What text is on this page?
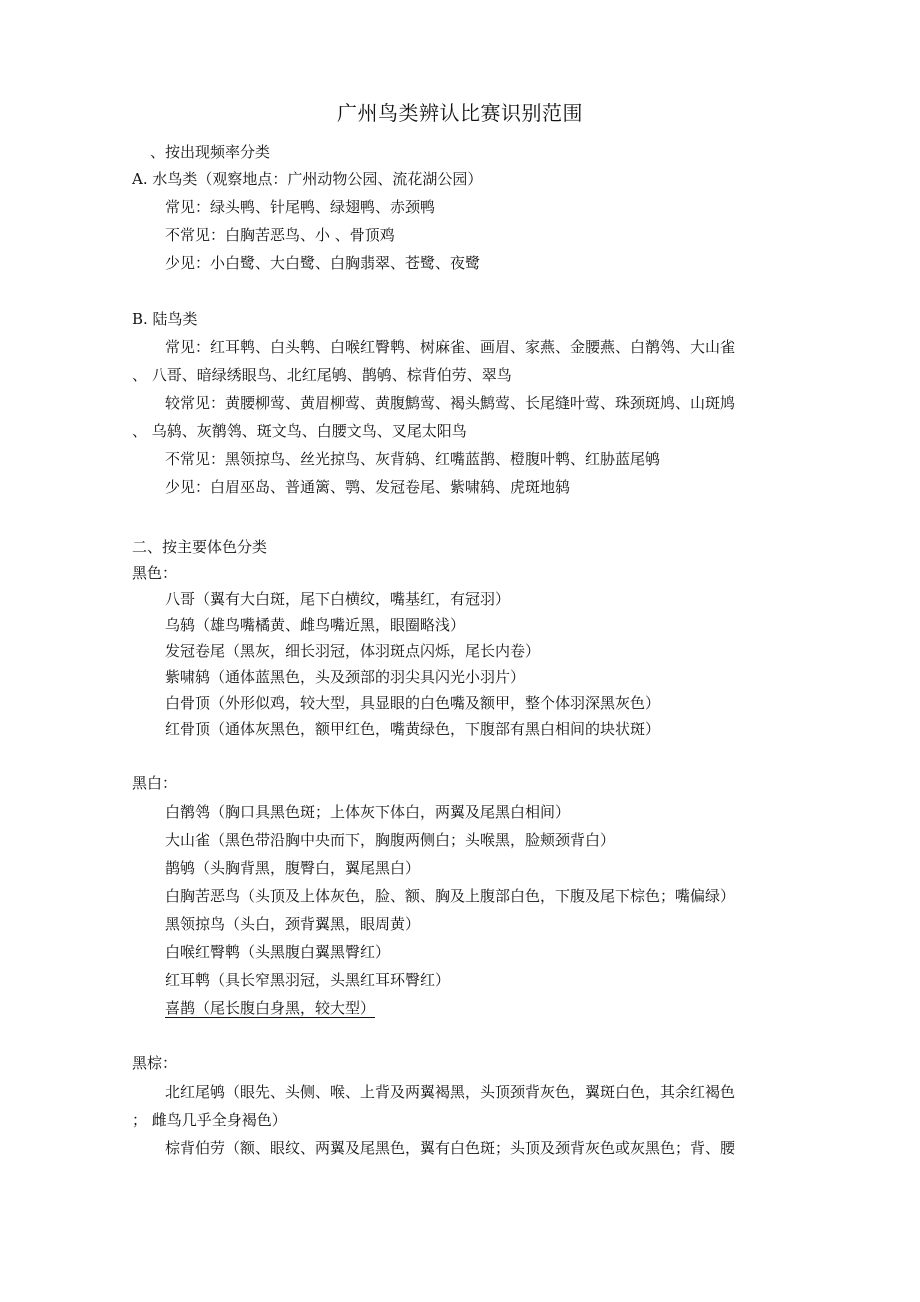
广州鸟类辨认比赛识别范围
、按出现频率分类
A. 水鸟类（观察地点：广州动物公园、流花湖公园）
常见：绿头鸭、针尾鸭、绿翅鸭、赤颈鸭
不常见：白胸苦恶鸟、小 、骨顶鸡
少见：小白鹭、大白鹭、白胸翡翠、苍鹭、夜鹭
B. 陆鸟类
常见：红耳鹎、白头鹎、白喉红臀鹎、树麻雀、画眉、家燕、金腰燕、白鹡鸰、大山雀
、 八哥、暗绿绣眼鸟、北红尾鸲、鹊鸲、棕背伯劳、翠鸟
较常见：黄腰柳莺、黄眉柳莺、黄腹鹪莺、褐头鹪莺、长尾缝叶莺、珠颈斑鸠、山斑鸠
、 乌鸫、灰鹡鸰、斑文鸟、白腰文鸟、叉尾太阳鸟
不常见：黑领掠鸟、丝光掠鸟、灰背鸫、红嘴蓝鹊、橙腹叶鹎、红胁蓝尾鸲
少见：白眉巫岛、普通篱、鹗、发冠卷尾、紫啸鸫、虎斑地鸫
二、按主要体色分类
黑色：
八哥（翼有大白斑，尾下白横纹，嘴基红，有冠羽）
乌鸫（雄鸟嘴橘黄、雌鸟嘴近黑，眼圈略浅）
发冠卷尾（黑灰，细长羽冠，体羽斑点闪烁，尾长内卷）
紫啸鸫（通体蓝黑色，头及颈部的羽尖具闪光小羽片）
白骨顶（外形似鸡，较大型，具显眼的白色嘴及额甲，整个体羽深黑灰色）
红骨顶（通体灰黑色，额甲红色，嘴黄绿色，下腹部有黑白相间的块状斑）
黑白：
白鹡鸰（胸口具黑色斑；上体灰下体白，两翼及尾黑白相间）
大山雀（黑色带沿胸中央而下，胸腹两侧白；头喉黑，脸颊颈背白）
鹊鸲（头胸背黑，腹臀白，翼尾黑白）
白胸苦恶鸟（头顶及上体灰色，脸、额、胸及上腹部白色，下腹及尾下棕色；嘴偏绿）
黑领掠鸟（头白，颈背翼黑，眼周黄）
白喉红臀鹎（头黑腹白翼黑臀红）
红耳鹎（具长窄黑羽冠，头黑红耳环臀红）
喜鹊（尾长腹白身黑，较大型）
黑棕：
北红尾鸲（眼先、头侧、喉、上背及两翼褐黑，头顶颈背灰色，翼斑白色，其余红褐色
； 雌鸟几乎全身褐色）
棕背伯劳（额、眼纹、两翼及尾黑色，翼有白色斑；头顶及颈背灰色或灰黑色；背、腰
